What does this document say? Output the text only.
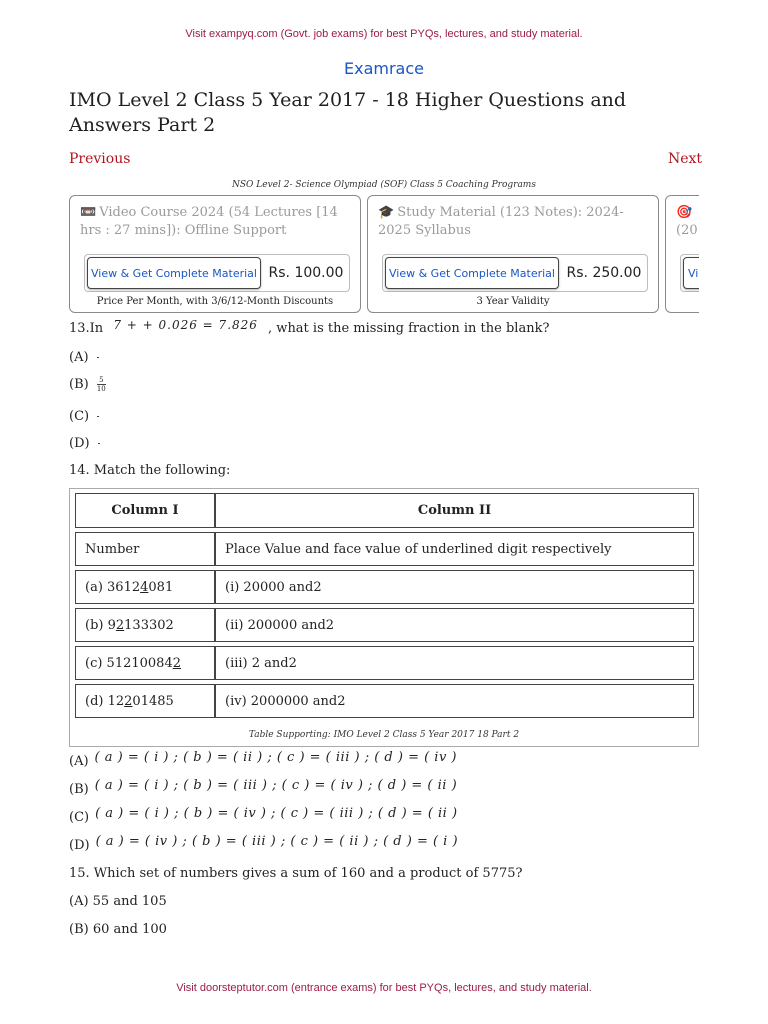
Visit exampyq.com (Govt. job exams) for best PYQs, lectures, and study material.
Examrace
IMO Level 2 Class 5 Year 2017 - 18 Higher Questions and Answers Part 2
Previous	Next
NSO Level 2- Science Olympiad (SOF) Class 5 Coaching Programs
📼 Video Course 2024 (54 Lectures [14 hrs : 27 mins]): Offline Support
View & Get Complete Material Rs. 100.00
Price Per Month, with 3/6/12-Month Discounts
🎓 Study Material (123 Notes): 2024-2025 Syllabus
View & Get Complete Material Rs. 250.00
3 Year Validity
🎯
(20
Vi
13.In 7 + + 0.026 = 7.826 , what is the missing fraction in the blank?
(A)
$(B) \frac{5}{10}$
(C)
(D)
14. Match the following:
Column I	Column II
Number	Place Value and face value of underlined digit respectively
(a) 3612 4 081	(i) 20000 and2
(b) 9 2 133302	(ii) 200000 and2
(c) 51210084 2	(iii) 2 and2
(d) 12 2 01485	(iv) 2000000 and2
Table Supporting: IMO Level 2 Class 5 Year 2017 18 Part 2
(A) ( a ) = ( i ) ; ( b ) = ( ii ) ; ( c ) = ( iii ) ; ( d ) = ( iv )
(B) ( a ) = ( i ) ; ( b ) = ( iii ) ; ( c ) = ( iv ) ; ( d ) = ( ii )
(C) ( a ) = ( i ) ; ( b ) = ( iv ) ; ( c ) = ( iii ) ; ( d ) = ( ii )
(D) ( a ) = ( iv ) ; ( b ) = ( iii ) ; ( c ) = ( ii ) ; ( d ) = ( i )
15. Which set of numbers gives a sum of 160 and a product of 5775?
(A) 55 and 105
(B) 60 and 100
Visit doorsteptutor.com (entrance exams) for best PYQs, lectures, and study material.
